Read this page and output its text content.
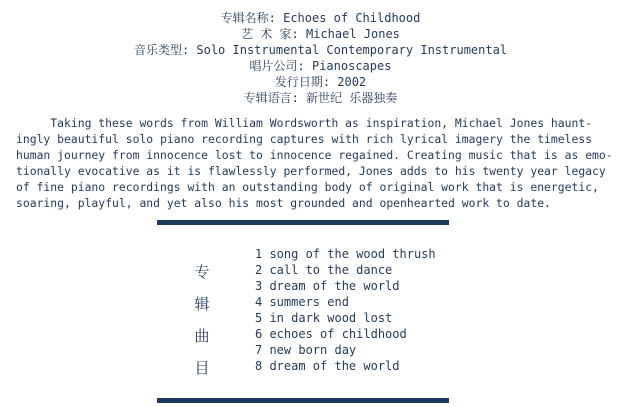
专辑名称: Echoes of Childhood
艺 术 家: Michael Jones
音乐类型: Solo Instrumental Contemporary Instrumental
唱片公司: Pianoscapes
发行日期: 2002
专辑语言: 新世纪 乐器独奏
Taking these words from William Wordsworth as inspiration, Michael Jones haunt-
ingly beautiful solo piano recording captures with rich lyrical imagery the timeless
human journey from innocence lost to innocence regained. Creating music that is as emo-
tionally evocative as it is flawlessly performed, Jones adds to his twenty year legacy
of fine piano recordings with an outstanding body of original work that is energetic,
soaring, playful, and yet also his most grounded and openhearted work to date.
专
辑
曲
目
1 song of the wood thrush
2 call to the dance
3 dream of the world
4 summers end
5 in dark wood lost
6 echoes of childhood
7 new born day
8 dream of the world
